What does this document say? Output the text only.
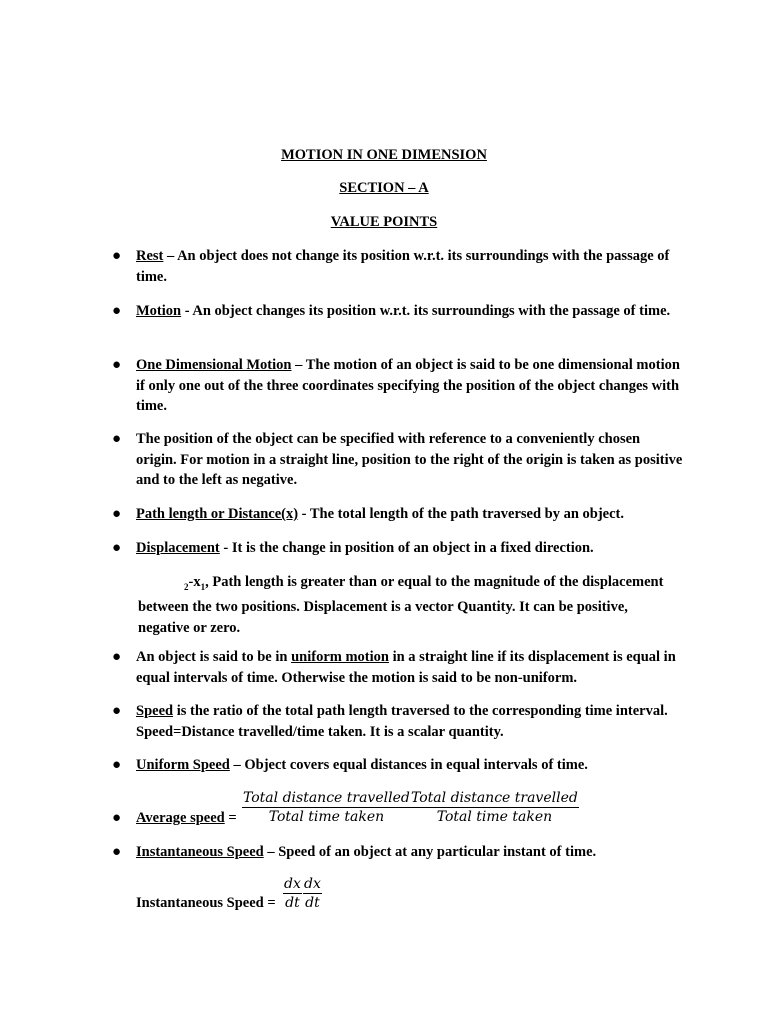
MOTION IN ONE DIMENSION
SECTION – A
VALUE POINTS
● Rest – An object does not change its position w.r.t. its surroundings with the passage of time.
● Motion - An object changes its position w.r.t. its surroundings with the passage of time.
● One Dimensional Motion – The motion of an object is said to be one dimensional motion if only one out of the three coordinates specifying the position of the object changes with time.
● The position of the object can be specified with reference to a conveniently chosen origin. For motion in a straight line, position to the right of the origin is taken as positive and to the left as negative.
● Path length or Distance(x) - The total length of the path traversed by an object.
● Displacement - It is the change in position of an object in a fixed direction.
$_2-x_1$, Path length is greater than or equal to the magnitude of the displacement between the two positions. Displacement is a vector Quantity. It can be positive, negative or zero.
● An object is said to be in uniform motion in a straight line if its displacement is equal in equal intervals of time. Otherwise the motion is said to be non-uniform.
● Speed is the ratio of the total path length traversed to the corresponding time interval. Speed=Distance travelled/time taken. It is a scalar quantity.
● Uniform Speed – Object covers equal distances in equal intervals of time.
● Average speed =
Total distance travelled
Total time taken
Total distance travelled
Total time taken
● Instantaneous Speed – Speed of an object at any particular instant of time.
Instantaneous Speed = $\frac{dx}{dt} \frac{dx}{dt}$
